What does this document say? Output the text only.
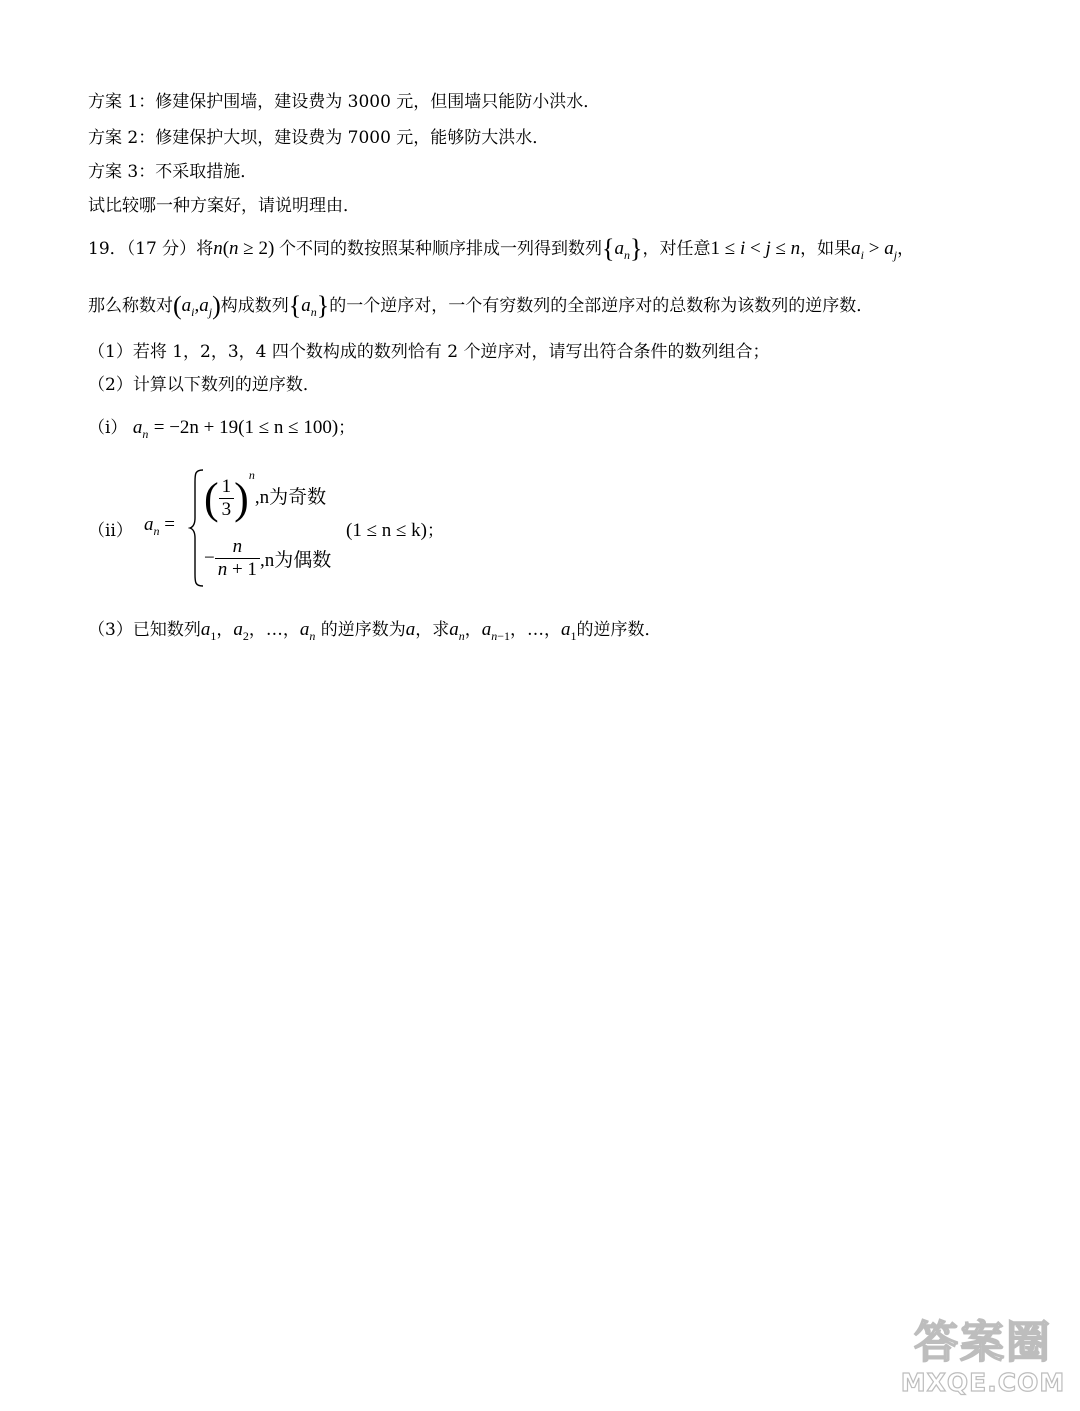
方案 1：修建保护围墙，建设费为 3000 元，但围墙只能防小洪水．
方案 2：修建保护大坝，建设费为 7000 元，能够防大洪水．
方案 3：不采取措施．
试比较哪一种方案好，请说明理由．
19．（17 分）将n(n ≥ 2) 个不同的数按照某种顺序排成一列得到数列$\{a_n\}$，对任意1 ≤ i < j ≤ n，如果$a_i > a_j$，
那么称数对$(a_i,a_j)$构成数列$\{a_n\}$的一个逆序对，一个有穷数列的全部逆序对的总数称为该数列的逆序数．
（1）若将 1，2，3，4 四个数构成的数列恰有 2 个逆序对，请写出符合条件的数列组合；
（2）计算以下数列的逆序数．
（ⅰ） $a_n = -2n + 19(1 \le n \le 100)$；
（ⅱ） $a_n$ =
( $\frac{1}{3} )^n,n$为奇数
− $\frac{n}{n + 1} ,n$为偶数
(1 ≤ n ≤ k)；
（3）已知数列$a_1$，$a_2$，…，$a_n$ 的逆序数为a，求$a_n$，$a_{n-1}$，…，$a_1$的逆序数．
答案圈
MXQE.COM
